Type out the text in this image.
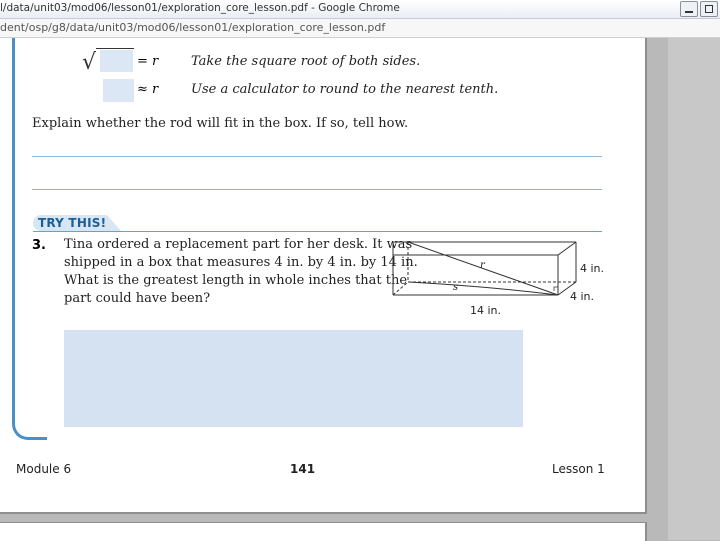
l/data/unit03/mod06/lesson01/exploration_core_lesson.pdf - Google Chrome
dent/osp/g8/data/unit03/mod06/lesson01/exploration_core_lesson.pdf
√	= r	Take the square root of both sides.
≈ r	Use a calculator to round to the nearest tenth.
Explain whether the rod will fit in the box. If so, tell how.
TRY THIS!
3. Tina ordered a replacement part for her desk. It was
shipped in a box that measures 4 in. by 4 in. by 14 in.
What is the greatest length in whole inches that the
part could have been?
r
s
4 in.
4 in.
14 in.
Module 6	141	Lesson 1
